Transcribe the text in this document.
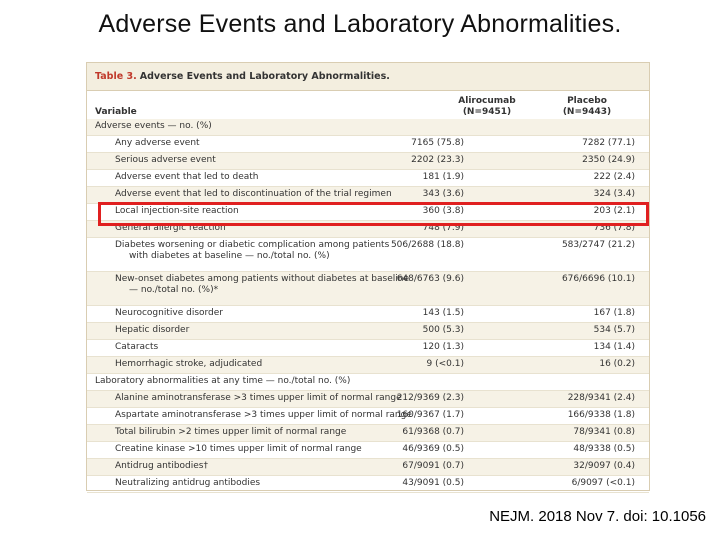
Adverse Events and Laboratory Abnormalities.
Table 3. Adverse Events and Laboratory Abnormalities.
Variable
Alirocumab
(N=9451)
Placebo
(N=9443)
Adverse events — no. (%)
Any adverse event	7165 (75.8)	7282 (77.1)
Serious adverse event	2202 (23.3)	2350 (24.9)
Adverse event that led to death	181 (1.9)	222 (2.4)
Adverse event that led to discontinuation of the trial regimen	343 (3.6)	324 (3.4)
Local injection-site reaction	360 (3.8)	203 (2.1)
General allergic reaction	748 (7.9)	736 (7.8)
Diabetes worsening or diabetic complication among patients
with diabetes at baseline — no./total no. (%)
506/2688 (18.8)	583/2747 (21.2)
New-onset diabetes among patients without diabetes at baseline
— no./total no. (%)*
648/6763 (9.6)	676/6696 (10.1)
Neurocognitive disorder	143 (1.5)	167 (1.8)
Hepatic disorder	500 (5.3)	534 (5.7)
Cataracts	120 (1.3)	134 (1.4)
Hemorrhagic stroke, adjudicated	9 (<0.1)	16 (0.2)
Laboratory abnormalities at any time — no./total no. (%)
Alanine aminotransferase >3 times upper limit of normal range
212/9369 (2.3)	228/9341 (2.4)
Aspartate aminotransferase >3 times upper limit of normal range
160/9367 (1.7)	166/9338 (1.8)
Total bilirubin >2 times upper limit of normal range	61/9368 (0.7)	78/9341 (0.8)
Creatine kinase >10 times upper limit of normal range	46/9369 (0.5)	48/9338 (0.5)
Antidrug antibodies†	67/9091 (0.7)	32/9097 (0.4)
Neutralizing antidrug antibodies	43/9091 (0.5)	6/9097 (<0.1)
NEJM. 2018 Nov 7. doi: 10.1056
